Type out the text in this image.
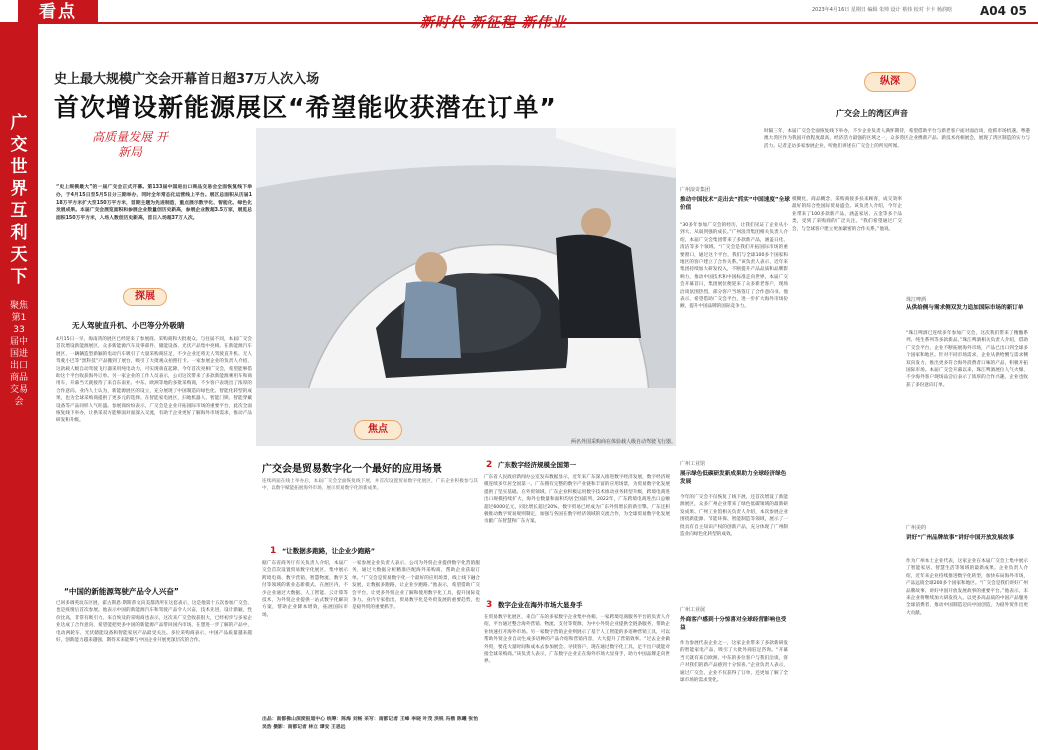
看点
新时代 新征程 新伟业
2023年4月16日 星期日 编辑 朱帅 设计 蔡炜 校对 卡卡 杨润晗	A04 05
广交世界 互利天下
聚焦第133届中国进出口商品交易会
史上最大规模广交会开幕首日超37万人次入场
首次增设新能源展区“希望能收获潜在订单”
高质量发展 开新局
“史上规模最大”的一届广交会正式开幕。第133届中国进出口商品交易会全面恢复线下举办，于4月15日至5月5日分三期举办，同时全年常态化运营线上平台。展区总面积从历届118万平方米扩大至150万平方米，首期主题为先进制造，重点展示数字化、智能化、绿色化发展成果。本届广交会展览面积和参展企业数量创历史新高，参展企业数超3.5万家，展览总面积150万平方米，入场人数创历史新高，首日入场超37万人次。
探展
无人驾驶直升机、小巴等分外吸睛
4月15日一早，海南湾的展区已经迎来了参展商、采购商和大批观众。与往届不同，本届广交会首次增设新能源展区，众多新能源汽车及零部件、储能设备、光伏产品集中亮相。在新能源汽车展区，一辆辆造型新颖的电动汽车吸引了大量采购商驻足，不少企业还将无人驾驶直升机、无人驾驶小巴等“黑科技”产品搬到了展台，吸引了大批观众拍照打卡。一家参展企业的负责人介绍，这款载人级自动驾驶飞行器采用纯电动力，可实现垂直起降，今年首次亮相广交会，希望能够借助这个平台收获海外订单。另一家企业的工作人员表示，公司这次带来了多款新能源乘用车和商用车，开幕当天就接待了来自东南亚、中东、欧洲等地的多批采购商，不少客户表现出了浓厚的合作意向。业内人士认为，新能源展区的设立，充分展现了中国制造向绿色化、智能化转型的成果，也为全球采购商提供了更多元的选择。在智能家电展区，扫地机器人、智能门锁、智能穿戴设备等产品同样人气旺盛。参展商纷纷表示，广交会是企业开拓国际市场的重要平台，此次全面恢复线下举办，让供采双方能够面对面深入交流，有助于企业更好了解海外市场需求，推动产品研发和升级。
“中国的新能源驾驶产品令人兴奋”
已回多调英坟东区展，霍古斯恩·斯斯蒂文向美都湾所在这套表示，这是他第十五次参加广交会，也是疫情后首次参展。他表示中国的新能源汽车和驾驶产品令人兴奋，技术先进，设计新颖，性价比高，非常有吸引力。来自埃及的采购商也表示，这次来广交会收获很大，已经初步与多家企业达成了合作意向，希望能把更多中国的新能源产品带回国内市场。在想进一步了解的产品中，电动两轮车、光伏储能设备和智能家居产品最受关注。多位采购商表示，中国产品质量越来越好，创新能力越来越强，期待未来能够与中国企业开展更深层次的合作。
两名外国采购商在体验载人级自动驾驶飞行器。
焦点
广交会是贸易数字化一个最好的应用场景
连续两届在线上举办后，本届广交会全面恢复线下展，并首次设置贸易数字化展区，广东企业积极参与其中，以数字赋能拓展海外市场，展示贸易数字化的新成果。
1 “让数据多跑路，让企业少跑路”
据广东省商务厅有关负责人介绍，本届广交会首次设置贸易数字化展区，集中展示跨境电商、数字营销、智慧物流、数字支付等领域的新业态新模式。在展区内，不少企业通过大数据、人工智能、云计算等技术，为外贸企业提供一站式数字化解决方案，帮助企业降本增效，拓展国际市场。
一家参展企业负责人表示，公司为外贸企业提供数字化营销服务，通过大数据分析精准匹配海外采购商，帮助企业获取订单。“广交会是贸易数字化一个最好的应用场景，线上线下融合发展，让数据多跑路，让企业少跑路。”他表示，希望借助广交会平台，让更多外贸企业了解和使用数字化工具，提升国际竞争力。业内专家指出，贸易数字化是外贸发展的重要趋势，也是稳外贸的重要抓手。
出品：南都佛山深度报道中心 统筹：陈海 刘畅 采写：南都记者 王峰 李晓 叶茂 洪锐 冯楷 陈曦 张怡 吴浩 摄影：南都记者 林立 谭安 王思远
2 广东数字经济规模全国第一
广东省人民政府新闻办公室发布数据显示，近年来广东深入推进数字经济发展，数字经济规模连续多年居全国第一。广东拥有完整的数字产业链和丰富的应用场景，为贸易数字化发展提供了坚实基础。在外贸领域，广东企业积极运用数字技术推动业务转型升级，跨境电商进出口规模持续扩大，海外仓数量和面积均居全国前列。2022年，广东跨境电商进出口总额超过6000亿元，同比增长超过20%，数字贸易已经成为广东外贸增长的新引擎。广东还积极推动数字贸易规则制定，加强与各国在数字经济领域的交流合作，为全球贸易数字化发展贡献广东智慧和广东方案。
3 数字企业在海外市场大显身手
在贸易数字化展区，来自广东的多家数字企业集中亮相。一家跨境电商服务平台的负责人介绍，平台通过整合海外营销、物流、支付等资源，为中小外贸企业提供全链条服务，帮助企业快速打开海外市场。另一家数字营销企业则展示了基于人工智能的多语种营销工具，可以帮助外贸企业自动生成多语种的产品介绍和营销内容，大大提升了营销效率。“过去企业做外贸，要花大量时间和成本去参加展会、寻找客户，现在通过数字化工具，足不出户就能对接全球采购商。”该负责人表示，广东数字企业正在海外市场大显身手，助力中国品牌走向世界。
纵深
广交会上的湾区声音
时隔三年，本届广交会全面恢复线下举办，不少企业负责人满怀期待，希望借助平台与新老客户面对面洽谈，抢抓市场机遇。粤港澳大湾区作为我国开放程度最高、经济活力最强的区域之一，众多湾区企业携新产品、新技术亮相展会，展现了湾区制造的实力与活力。记者走访多家参展企业，听他们讲述在广交会上的所见所闻。
广州浪奇集团
推动中国技术“走出去”抓实“中国速度”全球价值
“30多年参加广交会的经历，让我们见证了企业从小到大、从弱到强的成长。”广州浪奇集团相关负责人介绍，本届广交会集团带来了多款新产品，涵盖日化、清洁等多个领域。“广交会是我们开拓国际市场的重要窗口，通过这个平台，我们与全球100多个国家和地区的客户建立了合作关系。”该负责人表示，近年来集团持续加大研发投入，不断提升产品品质和品牌影响力，推动中国技术和中国标准走向世界。本届广交会开幕首日，集团展位便迎来了众多新老客户，现场洽谈氛围热烈，部分客户当场签订了合作意向书。他表示，希望借助广交会平台，进一步扩大海外市场份额，提升中国品牌的国际竞争力。
广州工业馆
展示绿色低碳研发新成果助力全球经济绿色发展
今年的广交会不仅恢复了线下展，还首次增设了新能源展区，众多广州企业带来了绿色低碳领域的最新研发成果。广州工业馆相关负责人介绍，本次参展企业围绕新能源、节能环保、智能制造等领域，展示了一批具有自主知识产权的创新产品，充分体现了广州制造业向绿色化转型的成效。
广州工业展
外商客户感到十分惊喜对全球经营影响也受益
作为参展代表企业之一，这家企业带来了多款新研发的智能家电产品，吸引了大批外商驻足咨询。“开幕当天就有来自欧洲、中东的多位客户与我们洽谈，客户对我们的新产品感到十分惊喜。”企业负责人表示，通过广交会，企业不仅获得了订单，还更加了解了全球市场的需求变化。
模糊化，商品概念，采购商接多扶来顾客，成交效率最好的综合性国际贸易盛会。该负责人介绍，今年企业带来了100多款新产品，涵盖家居、五金等多个品类，受到了采购商的广泛关注。“我们希望通过广交会，与全球客户建立更加紧密的合作关系。”他说。
珠江啤酒
从供给侧与需求侧双发力追加国际市场的新订单
“珠江啤酒已连续多年参加广交会，这次我们带来了精酿系列、纯生系列等多款新品。”珠江啤酒相关负责人介绍，借助广交会平台，企业不断拓展海外市场，产品已出口到全球多个国家和地区。针对不同市场需求，企业从供给侧与需求侧双向发力，推出更多符合海外消费者口味的产品，积极开拓国际市场。本届广交会开幕以来，珠江啤酒展位人气火爆，不少海外客户现场品尝后表示了浓厚的合作兴趣，企业也收获了多份意向订单。
广州美的
讲好“广州品牌故事”讲好中国开放发展故事
作为广州本土企业代表，这家企业在本届广交会上集中展示了智能家居、智慧生活等领域的最新成果。企业负责人介绍，近年来企业持续推进数字化转型，加快布局海外市场，产品远销全球200多个国家和地区。“广交会是我们讲好广州品牌故事、讲好中国开放发展故事的重要平台。”他表示，未来企业将继续加大研发投入，以更多高品质的中国产品服务全球消费者，推动中国制造迈向中国创造，为稳外贸作出更大贡献。
